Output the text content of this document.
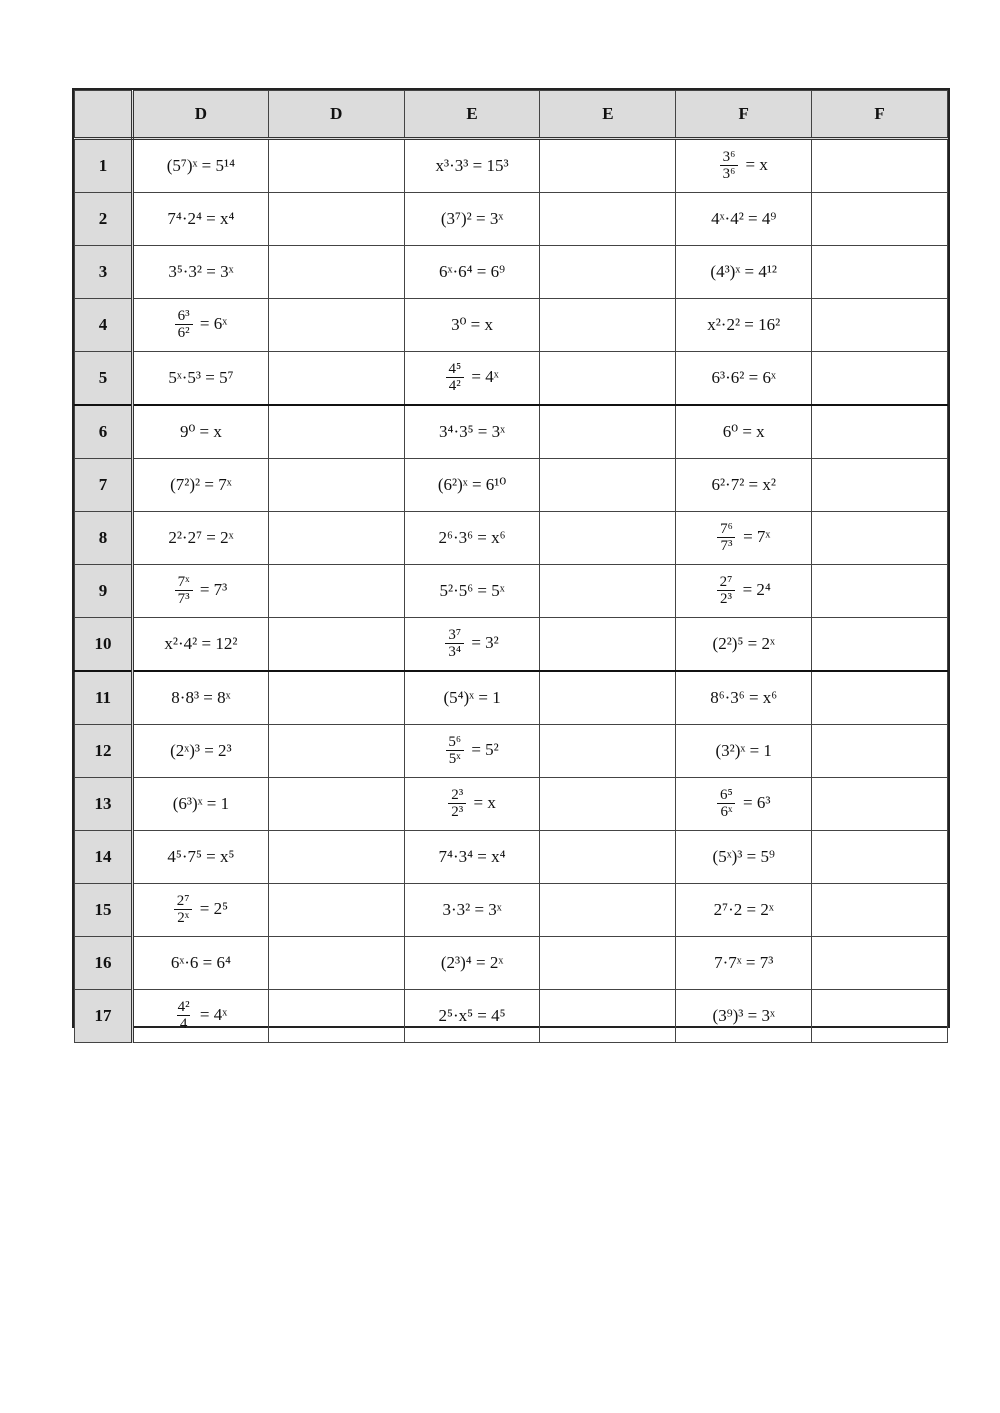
	D	D	E	E	F	F
1	(5⁷)ˣ = 5¹⁴		x³·3³ = 15³		$\frac{\text{3⁶}}{\text{3⁶}} = x$	
2	7⁴·2⁴ = x⁴		(3⁷)² = 3ˣ		4ˣ·4² = 4⁹	
3	3⁵·3² = 3ˣ		6ˣ·6⁴ = 6⁹		(4³)ˣ = 4¹²	
4	$\frac{\text{6³}}{\text{6²}}$ = 6ˣ		3⁰ = x		x²·2² = 16²	
5	5ˣ·5³ = 5⁷		$\frac{\text{4⁵}}{\text{4²}}$ = 4ˣ		6³·6² = 6ˣ	
6	9⁰ = x		3⁴·3⁵ = 3ˣ		6⁰ = x	
7	(7²)² = 7ˣ		(6²)ˣ = 6¹⁰		6²·7² = x²	
8	2²·2⁷ = 2ˣ		2⁶·3⁶ = x⁶		$\frac{\text{7⁶}}{\text{7³}}$ = 7ˣ	
9	$\frac{\text{7ˣ}}{\text{7³}} = 7^3$		5²·5⁶ = 5ˣ		$\frac{\text{2⁷}}{\text{2³}} = 2^4$	
10	x²·4² = 12²		$\frac{\text{3⁷}}{\text{3⁴}} = 3^2$		(2²)⁵ = 2ˣ	
11	8·8³ = 8ˣ		(5⁴)ˣ = 1		8⁶·3⁶ = x⁶	
12	(2ˣ)³ = 2³		$\frac{\text{5⁶}}{\text{5ˣ}} = 5^2$		(3²)ˣ = 1	
13	(6³)ˣ = 1		$\frac{\text{2³}}{\text{2³}} = x$		$\frac{\text{6⁵}}{\text{6ˣ}} = 6^3$	
14	4⁵·7⁵ = x⁵		7⁴·3⁴ = x⁴		(5ˣ)³ = 5⁹	
15	$\frac{\text{2⁷}}{\text{2ˣ}} = 2^5$		3·3² = 3ˣ		2⁷·2 = 2ˣ	
16	6ˣ·6 = 6⁴		(2³)⁴ = 2ˣ		7·7ˣ = 7³	
17	$\frac{\text{4²}}{4}$ = 4ˣ		2⁵·x⁵ = 4⁵		(3⁹)³ = 3ˣ	
